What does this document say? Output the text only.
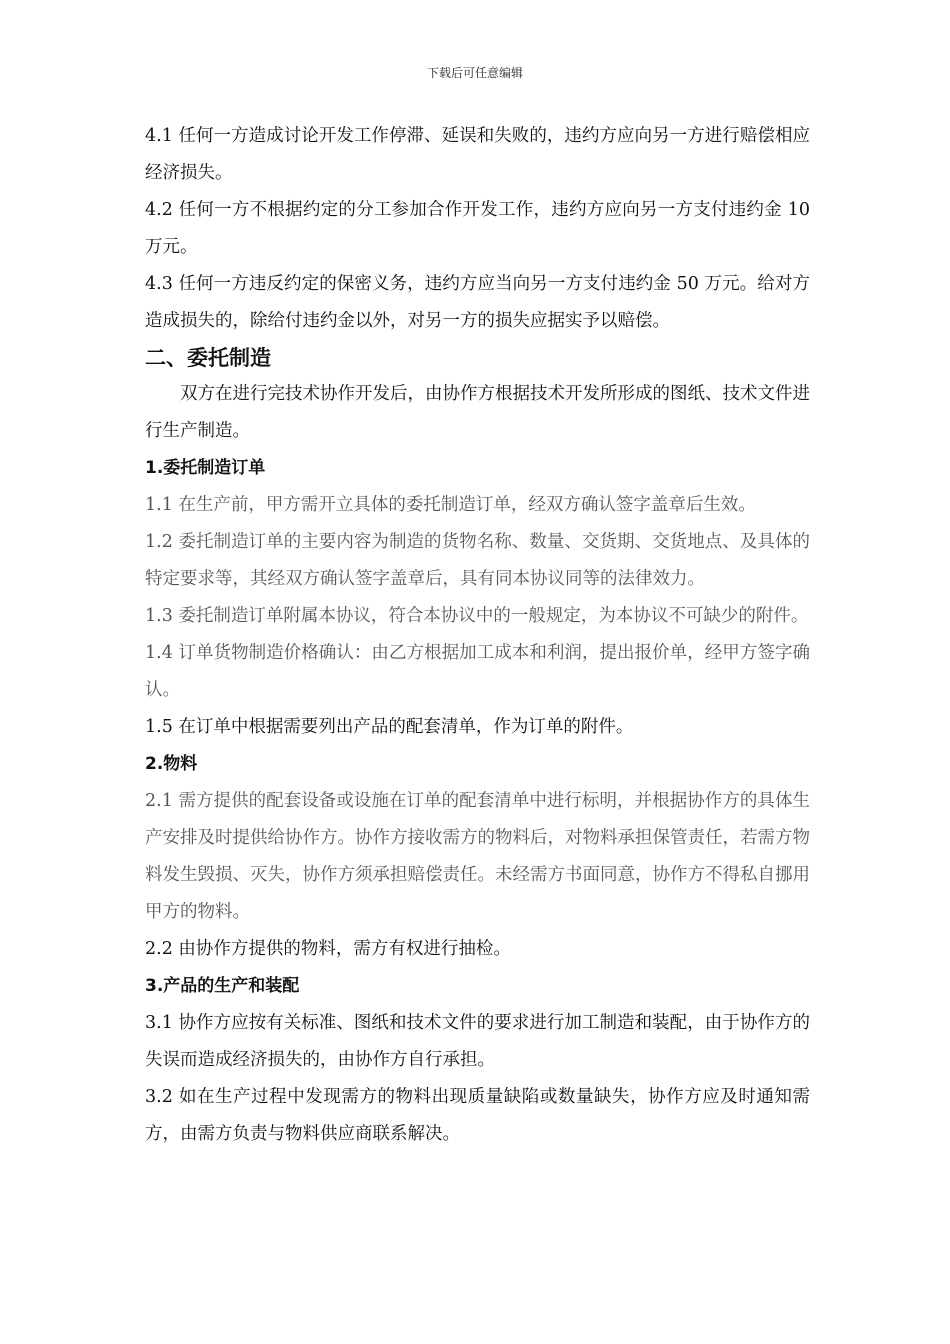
下载后可任意编辑

4.1 任何一方造成讨论开发工作停滞、延误和失败的，违约方应向另一方进行赔偿相应经济损失。

4.2 任何一方不根据约定的分工参加合作开发工作，违约方应向另一方支付违约金 10 万元。

4.3 任何一方违反约定的保密义务，违约方应当向另一方支付违约金 50 万元。给对方造成损失的，除给付违约金以外，对另一方的损失应据实予以赔偿。

二、委托制造

双方在进行完技术协作开发后，由协作方根据技术开发所形成的图纸、技术文件进行生产制造。

1.委托制造订单

1.1 在生产前，甲方需开立具体的委托制造订单，经双方确认签字盖章后生效。

1.2 委托制造订单的主要内容为制造的货物名称、数量、交货期、交货地点、及具体的特定要求等，其经双方确认签字盖章后，具有同本协议同等的法律效力。

1.3 委托制造订单附属本协议，符合本协议中的一般规定，为本协议不可缺少的附件。

1.4 订单货物制造价格确认：由乙方根据加工成本和利润，提出报价单，经甲方签字确认。

1.5 在订单中根据需要列出产品的配套清单，作为订单的附件。

2.物料

2.1 需方提供的配套设备或设施在订单的配套清单中进行标明，并根据协作方的具体生产安排及时提供给协作方。协作方接收需方的物料后，对物料承担保管责任，若需方物料发生毁损、灭失，协作方须承担赔偿责任。未经需方书面同意，协作方不得私自挪用甲方的物料。

2.2 由协作方提供的物料，需方有权进行抽检。

3.产品的生产和装配

3.1 协作方应按有关标准、图纸和技术文件的要求进行加工制造和装配，由于协作方的失误而造成经济损失的，由协作方自行承担。

3.2 如在生产过程中发现需方的物料出现质量缺陷或数量缺失，协作方应及时通知需方，由需方负责与物料供应商联系解决。
